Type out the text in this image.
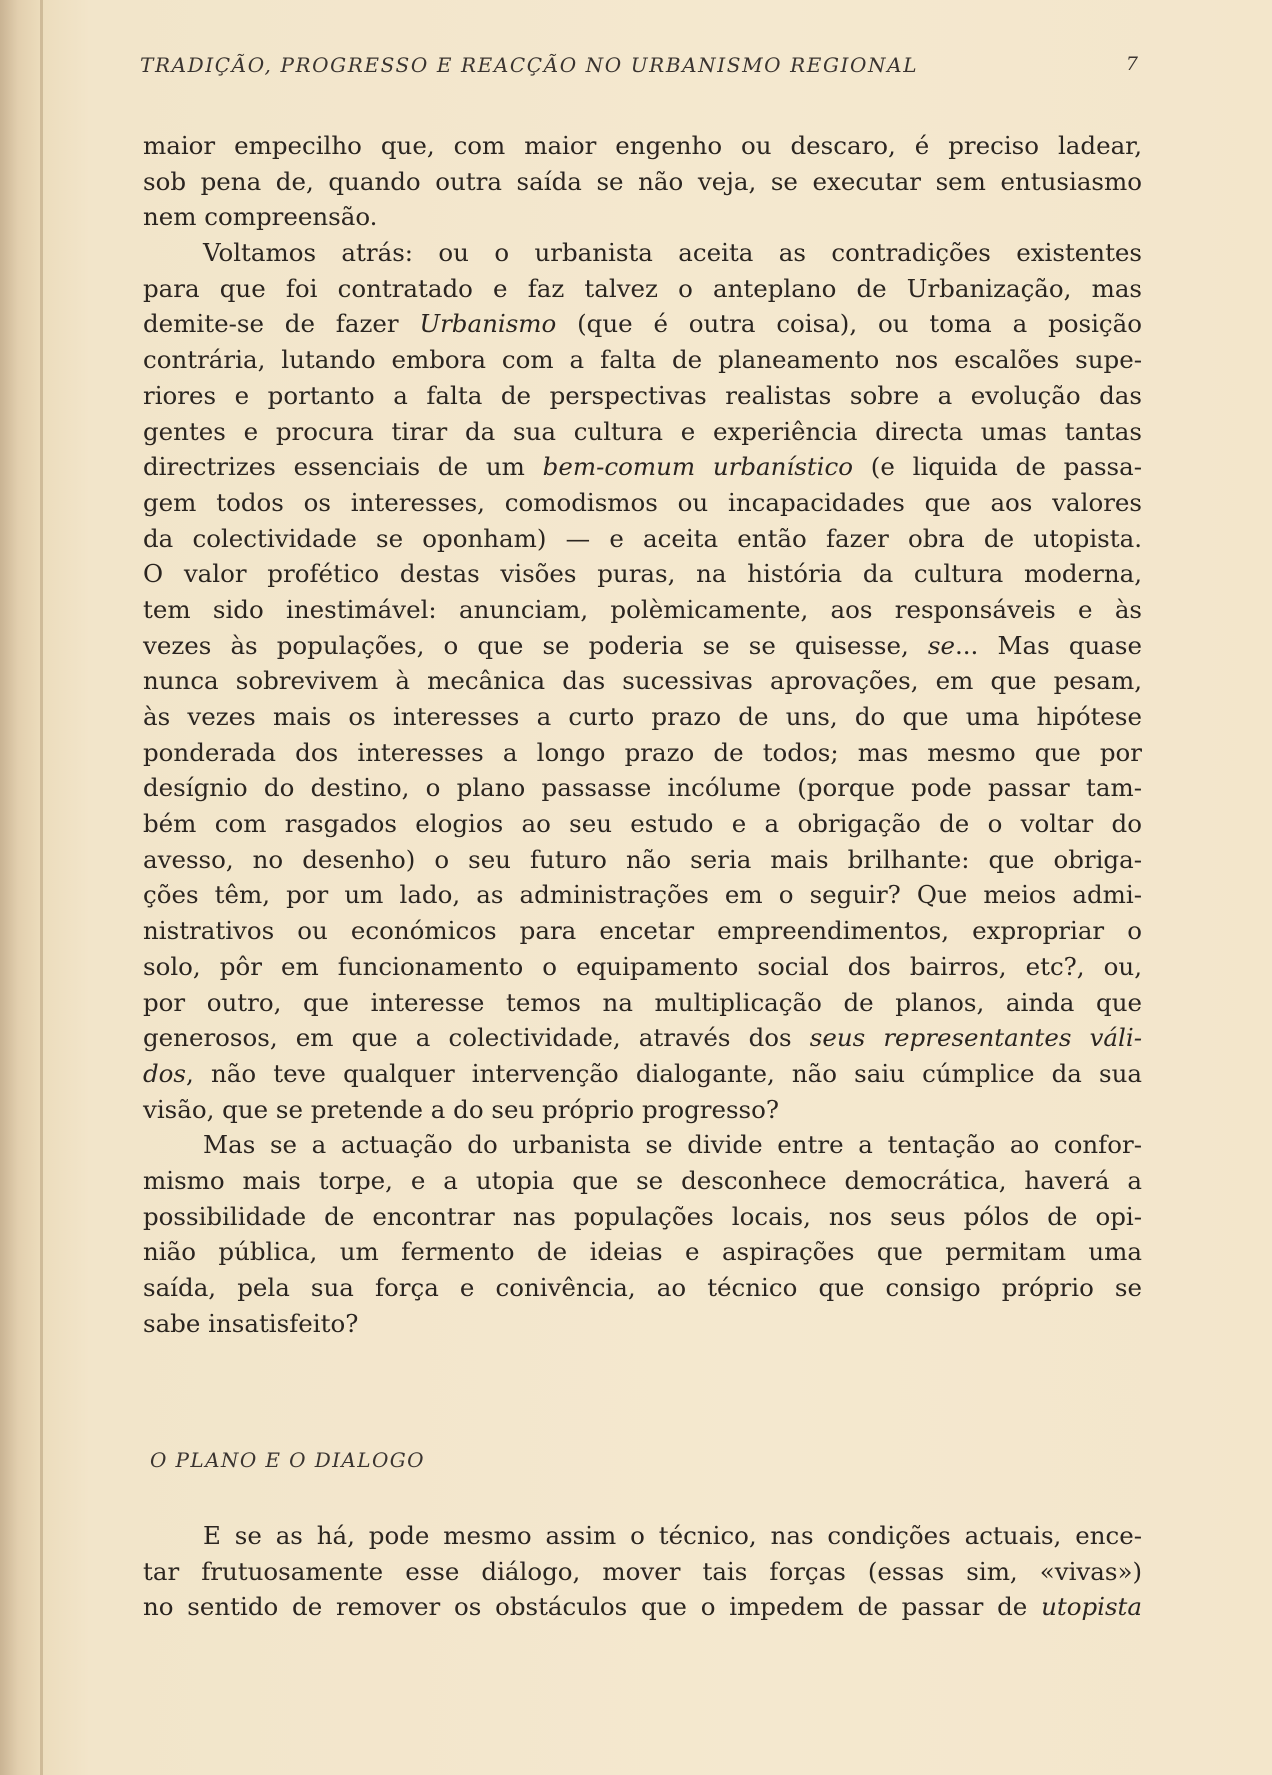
TRADIÇÃO, PROGRESSO E REACÇÃO NO URBANISMO REGIONAL	7
maior empecilho que, com maior engenho ou descaro, é preciso ladear,
sob pena de, quando outra saída se não veja, se executar sem entusiasmo
nem compreensão.
Voltamos atrás: ou o urbanista aceita as contradições existentes
para que foi contratado e faz talvez o anteplano de Urbanização, mas
demite-se de fazer Urbanismo (que é outra coisa), ou toma a posição
contrária, lutando embora com a falta de planeamento nos escalões supe-
riores e portanto a falta de perspectivas realistas sobre a evolução das
gentes e procura tirar da sua cultura e experiência directa umas tantas
directrizes essenciais de um bem-comum urbanístico (e liquida de passa-
gem todos os interesses, comodismos ou incapacidades que aos valores
da colectividade se oponham) — e aceita então fazer obra de utopista.
O valor profético destas visões puras, na história da cultura moderna,
tem sido inestimável: anunciam, polèmicamente, aos responsáveis e às
vezes às populações, o que se poderia se se quisesse, se... Mas quase
nunca sobrevivem à mecânica das sucessivas aprovações, em que pesam,
às vezes mais os interesses a curto prazo de uns, do que uma hipótese
ponderada dos interesses a longo prazo de todos; mas mesmo que por
desígnio do destino, o plano passasse incólume (porque pode passar tam-
bém com rasgados elogios ao seu estudo e a obrigação de o voltar do
avesso, no desenho) o seu futuro não seria mais brilhante: que obriga-
ções têm, por um lado, as administrações em o seguir? Que meios admi-
nistrativos ou económicos para encetar empreendimentos, expropriar o
solo, pôr em funcionamento o equipamento social dos bairros, etc?, ou,
por outro, que interesse temos na multiplicação de planos, ainda que
generosos, em que a colectividade, através dos seus representantes váli-
dos, não teve qualquer intervenção dialogante, não saiu cúmplice da sua
visão, que se pretende a do seu próprio progresso?
Mas se a actuação do urbanista se divide entre a tentação ao confor-
mismo mais torpe, e a utopia que se desconhece democrática, haverá a
possibilidade de encontrar nas populações locais, nos seus pólos de opi-
nião pública, um fermento de ideias e aspirações que permitam uma
saída, pela sua força e conivência, ao técnico que consigo próprio se
sabe insatisfeito?
O PLANO E O DIALOGO
E se as há, pode mesmo assim o técnico, nas condições actuais, ence-
tar frutuosamente esse diálogo, mover tais forças (essas sim, «vivas»)
no sentido de remover os obstáculos que o impedem de passar de utopista
